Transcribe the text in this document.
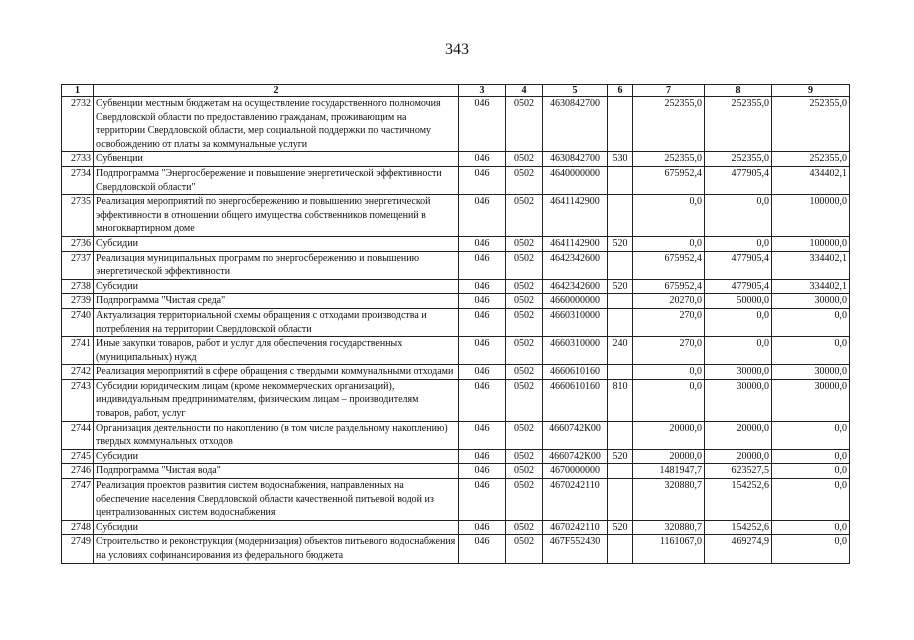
343
1	2	3	4	5	6	7	8	9
2732	Субвенции местным бюджетам на осуществление государственного полномочия Свердловской области по предоставлению гражданам, проживающим на территории Свердловской области, мер социальной поддержки по частичному освобождению от платы за коммунальные услуги	046	0502	4630842700		252355,0	252355,0	252355,0
2733	Субвенции	046	0502	4630842700	530	252355,0	252355,0	252355,0
2734	Подпрограмма "Энергосбережение и повышение энергетической эффективности Свердловской области"	046	0502	4640000000		675952,4	477905,4	434402,1
2735	Реализация мероприятий по энергосбережению и повышению энергетической эффективности в отношении общего имущества собственников помещений в многоквартирном доме	046	0502	4641142900		0,0	0,0	100000,0
2736	Субсидии	046	0502	4641142900	520	0,0	0,0	100000,0
2737	Реализация муниципальных программ по энергосбережению и повышению энергетической эффективности	046	0502	4642342600		675952,4	477905,4	334402,1
2738	Субсидии	046	0502	4642342600	520	675952,4	477905,4	334402,1
2739	Подпрограмма "Чистая среда"	046	0502	4660000000		20270,0	50000,0	30000,0
2740	Актуализация территориальной схемы обращения с отходами производства и потребления на территории Свердловской области	046	0502	4660310000		270,0	0,0	0,0
2741	Иные закупки товаров, работ и услуг для обеспечения государственных (муниципальных) нужд	046	0502	4660310000	240	270,0	0,0	0,0
2742	Реализация мероприятий в сфере обращения с твердыми коммунальными отходами	046	0502	4660610160		0,0	30000,0	30000,0
2743	Субсидии юридическим лицам (кроме некоммерческих организаций), индивидуальным предпринимателям, физическим лицам – производителям товаров, работ, услуг	046	0502	4660610160	810	0,0	30000,0	30000,0
2744	Организация деятельности по накоплению (в том числе раздельному накоплению) твердых коммунальных отходов	046	0502	4660742К00		20000,0	20000,0	0,0
2745	Субсидии	046	0502	4660742К00	520	20000,0	20000,0	0,0
2746	Подпрограмма "Чистая вода"	046	0502	4670000000		1481947,7	623527,5	0,0
2747	Реализация проектов развития систем водоснабжения, направленных на обеспечение населения Свердловской области качественной питьевой водой из централизованных систем водоснабжения	046	0502	4670242110		320880,7	154252,6	0,0
2748	Субсидии	046	0502	4670242110	520	320880,7	154252,6	0,0
2749	Строительство и реконструкция (модернизация) объектов питьевого водоснабжения на условиях софинансирования из федерального бюджета	046	0502	467F552430		1161067,0	469274,9	0,0
